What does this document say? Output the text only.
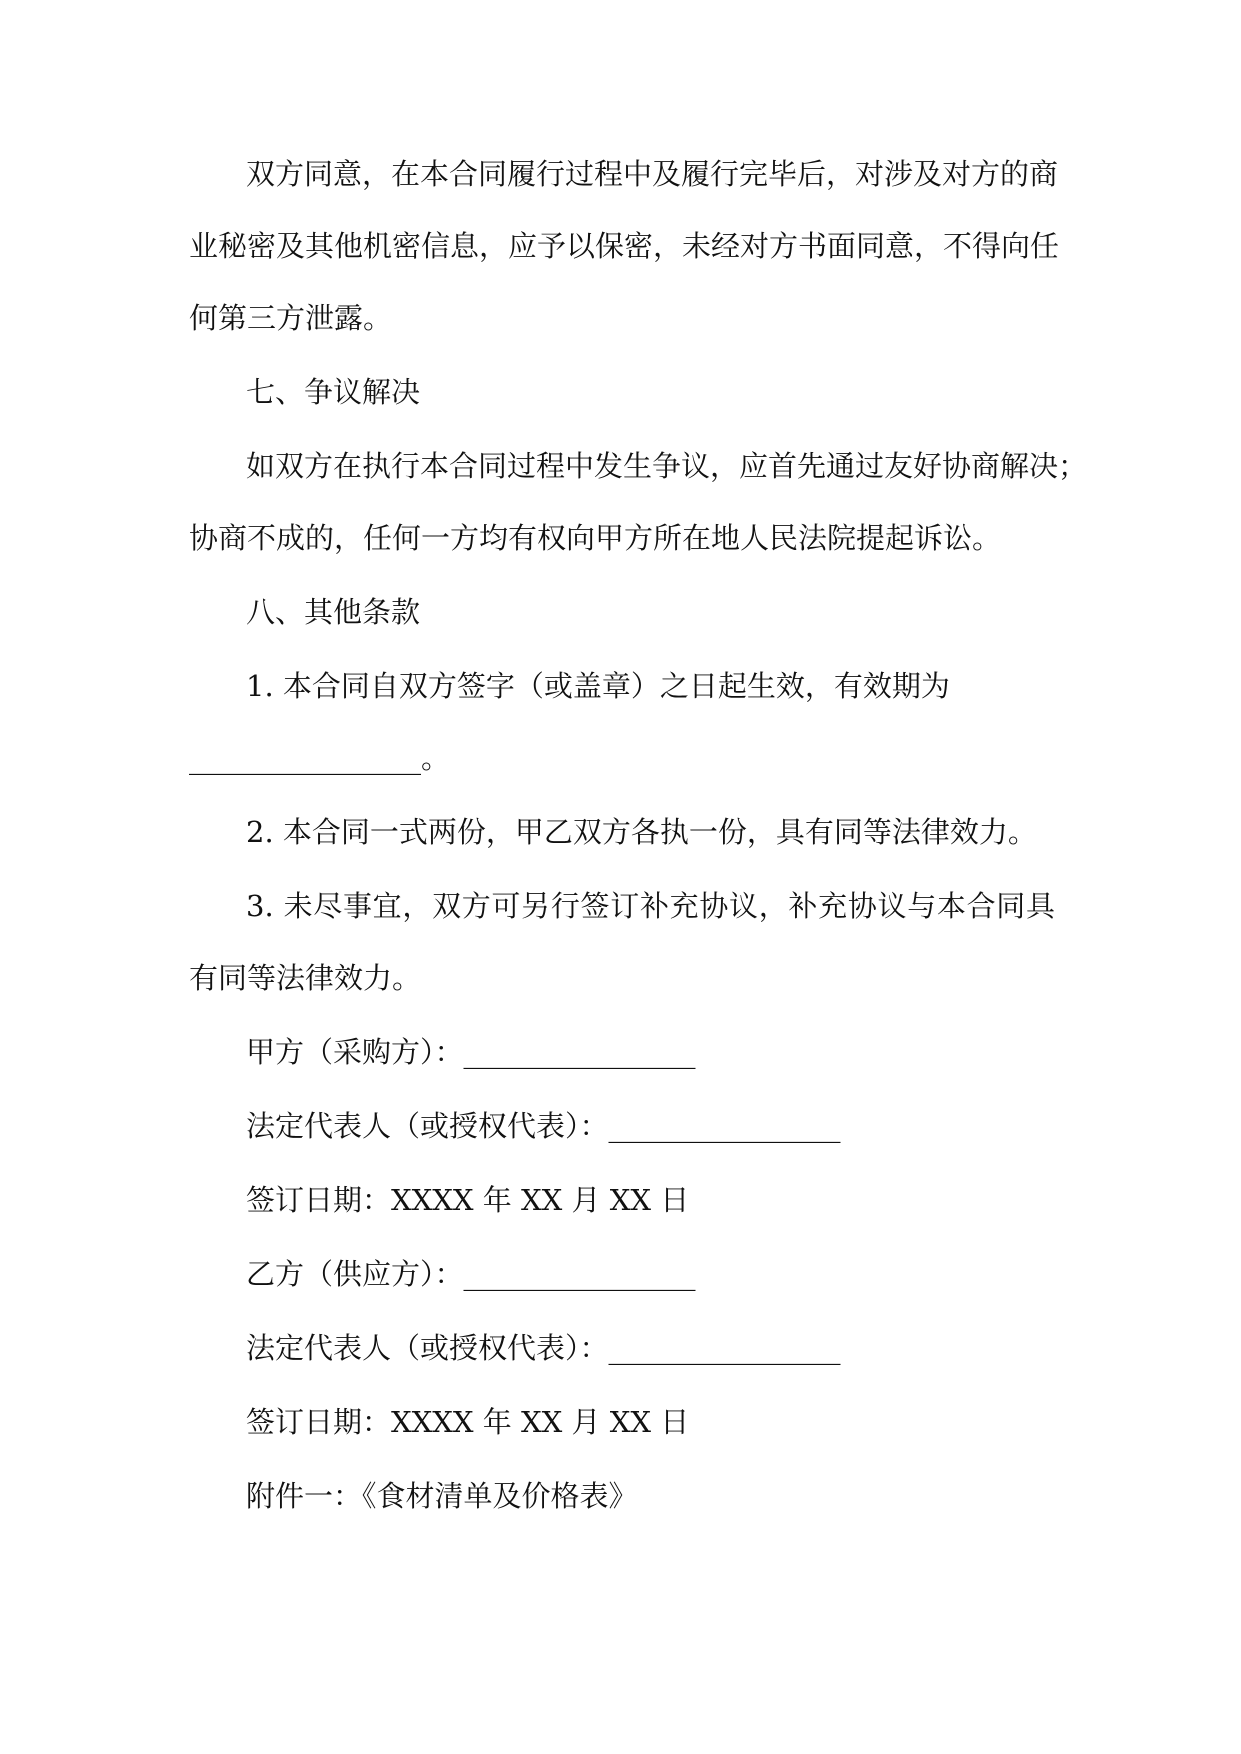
双方同意，在本合同履行过程中及履行完毕后，对涉及对方的商
业秘密及其他机密信息，应予以保密，未经对方书面同意，不得向任
何第三方泄露。
七、争议解决
如双方在执行本合同过程中发生争议，应首先通过友好协商解决；
协商不成的，任何一方均有权向甲方所在地人民法院提起诉讼。
八、其他条款
1. 本合同自双方签字（或盖章）之日起生效，有效期为
________________。
2. 本合同一式两份，甲乙双方各执一份，具有同等法律效力。
3. 未尽事宜，双方可另行签订补充协议，补充协议与本合同具
有同等法律效力。
甲方（采购方）：________________
法定代表人（或授权代表）：________________
签订日期：XXXX 年 XX 月 XX 日
乙方（供应方）：________________
法定代表人（或授权代表）：________________
签订日期：XXXX 年 XX 月 XX 日
附件一：《食材清单及价格表》
